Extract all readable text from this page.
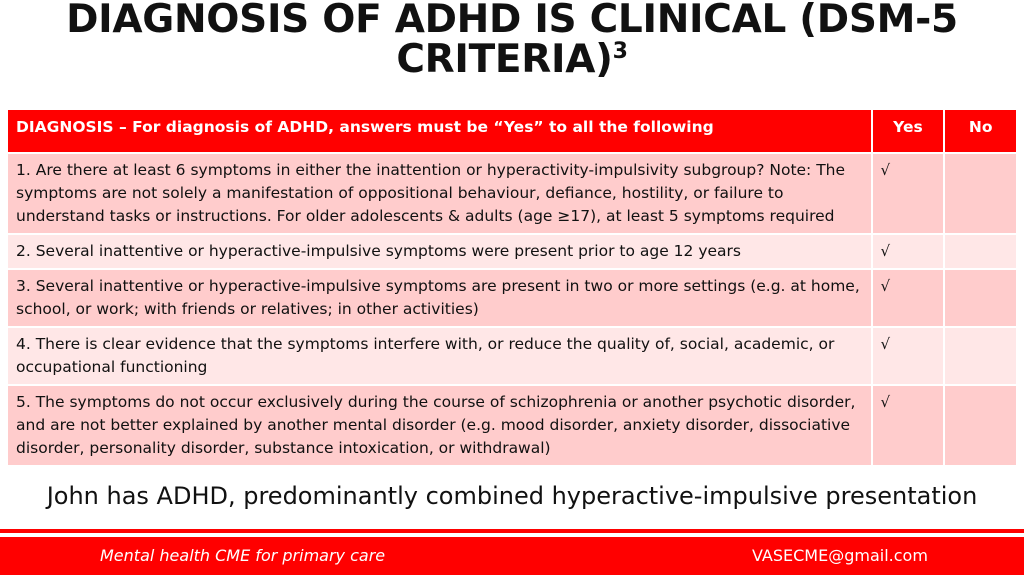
DIAGNOSIS OF ADHD IS CLINICAL (DSM-5 CRITERIA)$^3$
DIAGNOSIS – For diagnosis of ADHD, answers must be “Yes” to all the following	Yes	No
1. Are there at least 6 symptoms in either the inattention or hyperactivity-impulsivity subgroup? Note: The symptoms are not solely a manifestation of oppositional behaviour, defiance, hostility, or failure to understand tasks or instructions. For older adolescents & adults (age ≥17), at least 5 symptoms required	√	
2. Several inattentive or hyperactive-impulsive symptoms were present prior to age 12 years	√	
3. Several inattentive or hyperactive-impulsive symptoms are present in two or more settings (e.g. at home, school, or work; with friends or relatives; in other activities)	√	
4. There is clear evidence that the symptoms interfere with, or reduce the quality of, social, academic, or occupational functioning	√	
5. The symptoms do not occur exclusively during the course of schizophrenia or another psychotic disorder, and are not better explained by another mental disorder (e.g. mood disorder, anxiety disorder, dissociative disorder, personality disorder, substance intoxication, or withdrawal)	√	

John has ADHD, predominantly combined hyperactive-impulsive presentation

Mental health CME for primary care	VASECME@gmail.com
